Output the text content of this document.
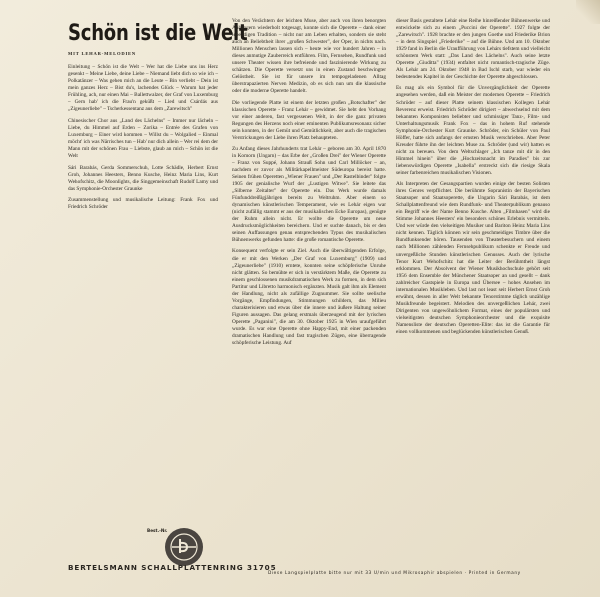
Schön ist die Welt
MIT LEHAR-MELODIEN

Einleitung – Schön ist die Welt – Wer hat die Liebe uns ins Herz gesenkt – Meine Liebe, deine Liebe – Niemand liebt dich so wie ich – Polkatänzer – Was gehen mich an die Leute – Bin verliebt – Dein ist mein ganzes Herz – Bist du's, lachendes Glück – Warum hat jeder Frühling, ach, nur einen Mai – Ballettwalzer, der Graf von Luxemburg – Gern hab' ich die Frau'n geküßt – Lied und Csárdás aus „Zigeunerliebe" – Tscherkessentanz aus dem „Zarewitsch"

Chinesischer Chor aus „Land des Lächelns" – Immer nur lächeln – Liebe, du Himmel auf Erden – Zorika – Entrée des Grafen von Luxemburg – Einer wird kommen – Willst du – Wolgalied – Einmal möcht' ich was Närrisches tun – Hab' nur dich allein – Wer rei dem der Mann mit der schönen Frau – Liebste, glaub an mich – Schön ist die Welt

Sári Barabás, Gerda Sommerschuh, Lotte Schädle, Herbert Ernst Groh, Johannes Heesters, Benno Kusche, Heinz Maria Lins, Kurt Wehofschitz, die Moonlights, die Singgemeinschaft Rudolf Lamy und das Symphonie-Orchester Graunke

Zusammenstellung und musikalische Leitung: Frank Fox und Friedrich Schröder

Von den Verächtern der leichten Muse, aber auch von ihren benorgten Anhängern wiederholt totgesagt, konnte sich die Operette – dank einer lebendigen Tradition – nicht nur am Leben erhalten, sondern sie steht auch an Beliebtheit ihrer „großen Schwester", der Oper, in nichts nach. Millionen Menschen lassen sich – heute wie vor hundert Jahren – in dieses anmutige Zauberreich entführen. Film, Fernsehen, Rundfunk und unsere Theater wissen ihre befreiende und faszinierende Wirkung zu schätzen. Die Operette versetzt uns in einen Zustand beschwingter Gelöstheit. Sie ist für unsere im tempogeladenen Alltag überstrapazierten Nerven Medizin, ob es sich nun um die klassische oder die moderne Operette handelt.

Die vorliegende Platte ist einem der letzten großen „Botschafter" der klassischen Operette - Franz Lehár – gewidmet. Sie hebt den Vorhang vor einer anderen, fast vergessenen Welt, in der die ganz privaten Regungen des Herzens noch einer eminenten Publikumsresonanz sicher sein konnten, in der Gemüt und Gemütlichkeit, aber auch die tragischen Verstrickungen der Liebe ihren Platz behaupteten.

Zu Anfang dieses Jahrhunderts trat Lehár – geboren am 30. April 1870 in Komorn (Ungarn) – das Erbe der „Großen Drei" der Wiener Operette – Franz von Suppé, Johann Strauß Sohn und Carl Millöcker – an, nachdem er zuvor als Militärkapellmeister Südeuropa bereist hatte. Seinen frühen Operetten „Wiener Frauen" und „Der Rastelbinder" folgte 1905 der genialische Wurf der „Lustigen Witwe". Sie leitete das „Silberne Zeitalter" der Operette ein. Das Werk wurde damals Fünfunddreißigjährigen bereits zu Weltruhm. Aber einem so dynamischen künstlerischen Temperament, wie es Lehár eigen war (nicht zufällig stammt er aus der musikalischen Ecke Europas), genügte der Ruhm allein nicht. Er wollte die Operette um neue Ausdrucksmöglichkeiten bereichern. Und er suchte danach, bis er den seinen Auffassungen genau entsprechenden Typus des musikalischen Bühnenwerks gefunden hatte: die große romantische Operette.

Konsequent verfolgte er sein Ziel. Auch die überwältigenden Erfolge, die er mit den Werken „Der Graf von Luxemburg" (1909) und „Zigeunerliebe" (1910) erntete, konnten seine schöpferische Unruhe nicht glätten. So bemühte er sich in verstärktem Maße, die Operette zu einem geschlossenen musikdramatischen Werk zu formen, in dem sich Partitur und Libretto harmonisch ergänzten. Musik galt ihm als Element der Handlung, nicht als zufällige Zugnummer. Sie sollte seelische Vorgänge, Empfindungen, Stimmungen schildern, das Milieu charakterisieren und etwas über die innere und äußere Haltung seiner Figuren aussagen. Das gelang erstmals überzeugend mit der lyrischen Operette „Paganini", die am 30. Oktober 1925 in Wien uraufgeführt wurde. Es war eine Operette ohne Happy-End, mit einer packenden dramatischen Handlung und fast tragischen Zügen, eine überragende schöpferische Leistung. Auf

dieser Basis gestaltete Lehár eine Reihe hinreißender Bühnenwerke und entwickelte sich zu einem „Puccini der Operette". 1927 folgte der „Zarewitsch". 1928 brachte er den jungen Goethe und Friederike Brion – in dem Singspiel „Friederike" – auf die Bühne. Und am 10. Oktober 1929 fand in Berlin die Uraufführung von Lehárs tiefstem und vielleicht schönstem Werk statt: „Das Land des Lächelns". Auch seine letzte Operette „Giuditta" (1934) entfaltet nicht romantisch-tragische Züge. Als Lehár am 24. Oktober 1948 in Bad Ischl starb, war wieder ein bedeutendes Kapitel in der Geschichte der Operette abgeschlossen.

Es mag als ein Symbol für die Unvergänglichkeit der Operette angesehen werden, daß ein Meister der modernen Operette – Friedrich Schröder – auf dieser Platte seinem klassischen Kollegen Lehár Reverenz erweist. Friedrich Schröder dirigiert – abwechselnd mit dem bekannten Komponisten beliebter und schmissiger Tanz-, Film- und Unterhaltungsmusik Frank Fox – das in hohem Ruf stehende Symphonie-Orchester Kurt Graunke. Schröder, ein Schüler von Paul Höffer, hatte sich anfangs der ernsten Musik verschrieben. Aber Peter Kreuder führte ihn der leichten Muse zu. Schröder (und wir) hatten es nicht zu bereuen. Von dem Weltschlager „Ich tanze mit dir in den Himmel hinein" über die „Hochzeitsnacht im Paradies" bis zur liebenswürdigen Operette „Isabella" erstreckt sich die riesige Skala seiner farbenreichen musikalischen Visionen.

Als Interpreten der Gesangspartien wurden einige der besten Solisten ihres Genres verpflichtet. Die berühmte Sopranistin der Bayerischen Staatsoper und Staatsoperette, die Ungarin Sári Barabás, ist dem Schallplattenfreund wie dem Rundfunk- und Theaterpublikum genauso ein Begriff wie der Name Benno Kusche. Alten „Filmhasen" wird die Stimme Johannes Heesters' ein besonders schönes Erlebnis vermitteln. Und wer würde den vielseitigen Musiker und Bariton Heinz Maria Lins nicht kennen. Täglich können wir sein geschmeidiges Timbre über die Rundfunksender hören. Tausenden von Theaterbesuchern und einem nach Millionen zählenden Fernsehpublikum schenkte er Freude und unvergeßliche Stunden künstlerischen Genusses. Auch der lyrische Tenor Kurt Wehofschitz hat die Leiter der Berühmtheit längst erklommen. Der Absolvent der Wiener Musikhochschule gehört seit 1956 dem Ensemble der Münchener Staatsoper an und gesellt – dank zahlreicher Gastspiele in Europa und Übersee – hohes Ansehen im internationalen Musikleben. Und last not least seit Herbert Ernst Groh erwähnt, dessen in aller Welt bekannte Tenorstimme täglich unzählige Musikfreunde begeistert. Melodien des unvergeßlichen Lehár, zwei Dirigenten von ungewöhnlichem Format, eines der populärsten und vielseitigsten deutschen Symphonieorchester und die exquisite Namensliste der deutschen Operetten-Elite: das ist die Garantie für einen vollkommenen und beglückenden künstlerischen Genuß.

Best.-Nr.
BERTELSMANN SCHALLPLATTENRING 31705
Diese Langspielplatte bitte nur mit 33 U/min und Mikrosaphir abspielen · Printed in Germany
